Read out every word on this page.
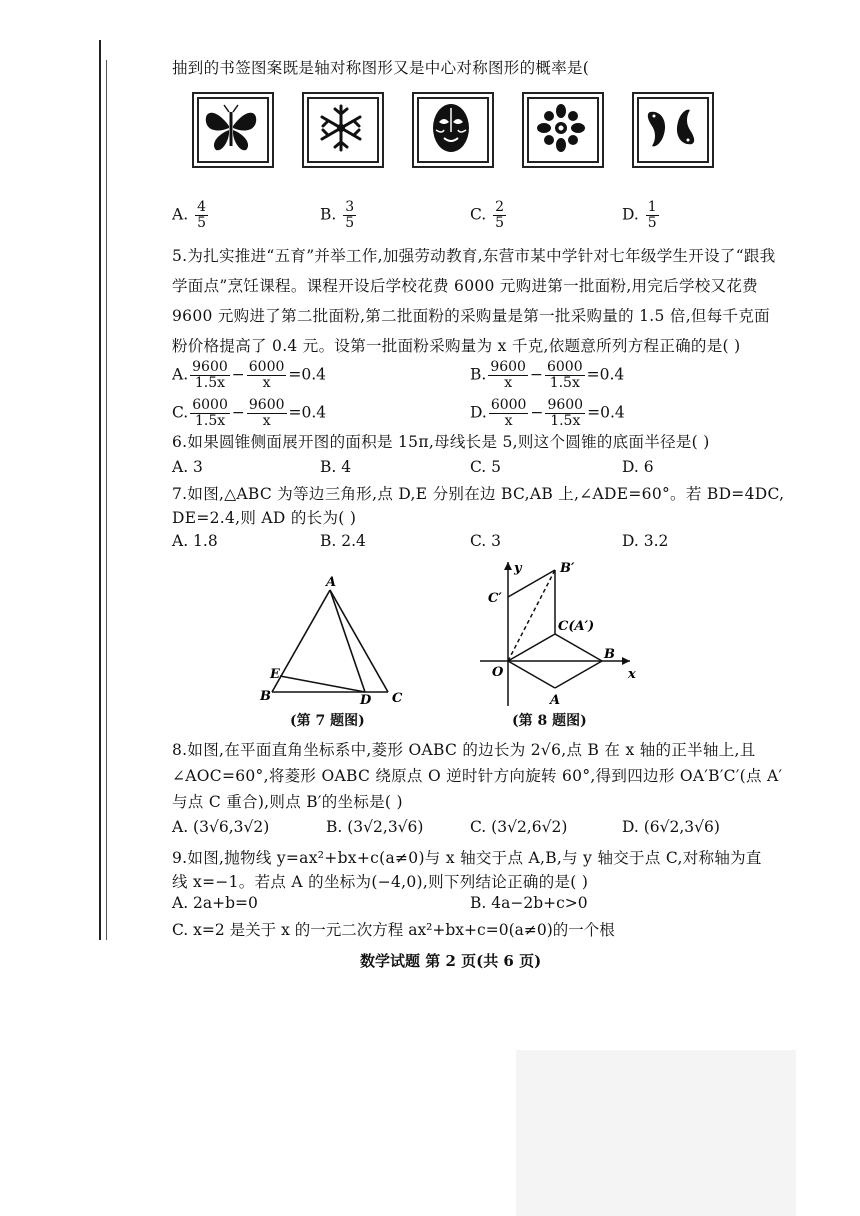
抽到的书签图案既是轴对称图形又是中心对称图形的概率是(
A. $\frac{4}{5}$	B. $\frac{3}{5}$	C. $\frac{2}{5}$	D. $\frac{1}{5}$
5.为扎实推进“五育”并举工作,加强劳动教育,东营市某中学针对七年级学生开设了“跟我
学面点”烹饪课程。课程开设后学校花费 6000 元购进第一批面粉,用完后学校又花费
9600 元购进了第二批面粉,第二批面粉的采购量是第一批采购量的 1.5 倍,但每千克面
粉价格提高了 0.4 元。设第一批面粉采购量为 x 千克,依题意所列方程正确的是( )
A. $\frac{9600}{1.5x} - \frac{6000}{x} =0.4$	B. $\frac{9600}{x} - \frac{6000}{1.5x} =0.4$
C. $\frac{6000}{1.5x} - \frac{9600}{x} =0.4$	D. $\frac{6000}{x} - \frac{9600}{1.5x} =0.4$
6.如果圆锥侧面展开图的面积是 15π,母线长是 5,则这个圆锥的底面半径是( )
A. 3	B. 4	C. 5	D. 6
7.如图,△ABC 为等边三角形,点 D,E 分别在边 BC,AB 上,∠ADE=60°。若 BD=4DC,
DE=2.4,则 AD 的长为( )
A. 1.8	B. 2.4	C. 3	D. 3.2
A
B	C
D
E
(第 7 题图)
y
x
O
A
B
C(A′)
B′
C′
(第 8 题图)
8.如图,在平面直角坐标系中,菱形 OABC 的边长为 2√6,点 B 在 x 轴的正半轴上,且
∠AOC=60°,将菱形 OABC 绕原点 O 逆时针方向旋转 60°,得到四边形 OA′B′C′(点 A′
与点 C 重合),则点 B′的坐标是( )
A. (3√6,3√2)	B. (3√2,3√6)	C. (3√2,6√2)	D. (6√2,3√6)
9.如图,抛物线 y=ax²+bx+c(a≠0)与 x 轴交于点 A,B,与 y 轴交于点 C,对称轴为直
线 x=−1。若点 A 的坐标为(−4,0),则下列结论正确的是( )
A. 2a+b=0	B. 4a−2b+c>0
C. x=2 是关于 x 的一元二次方程 ax²+bx+c=0(a≠0)的一个根
数学试题 第 2 页(共 6 页)
